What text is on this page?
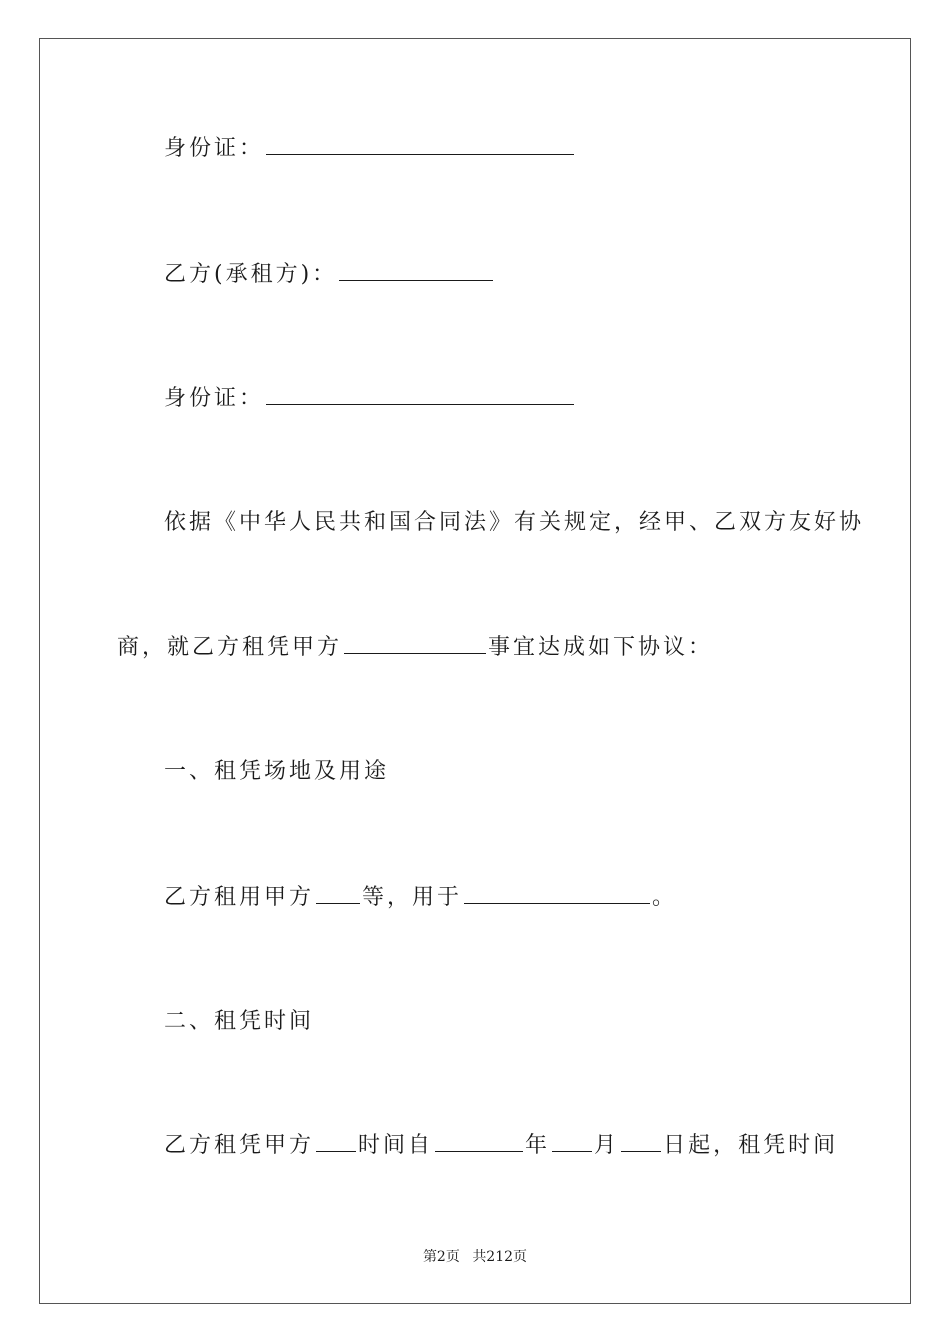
身份证：
乙方(承租方)：
身份证：
依据《中华人民共和国合同法》有关规定，经甲、乙双方友好协
商，就乙方租凭甲方	事宜达成如下协议：
一、租凭场地及用途
乙方租用甲方 等，用于	。
二、租凭时间
乙方租凭甲方 时间自	年 月 日起，租凭时间
第2页 共212页
